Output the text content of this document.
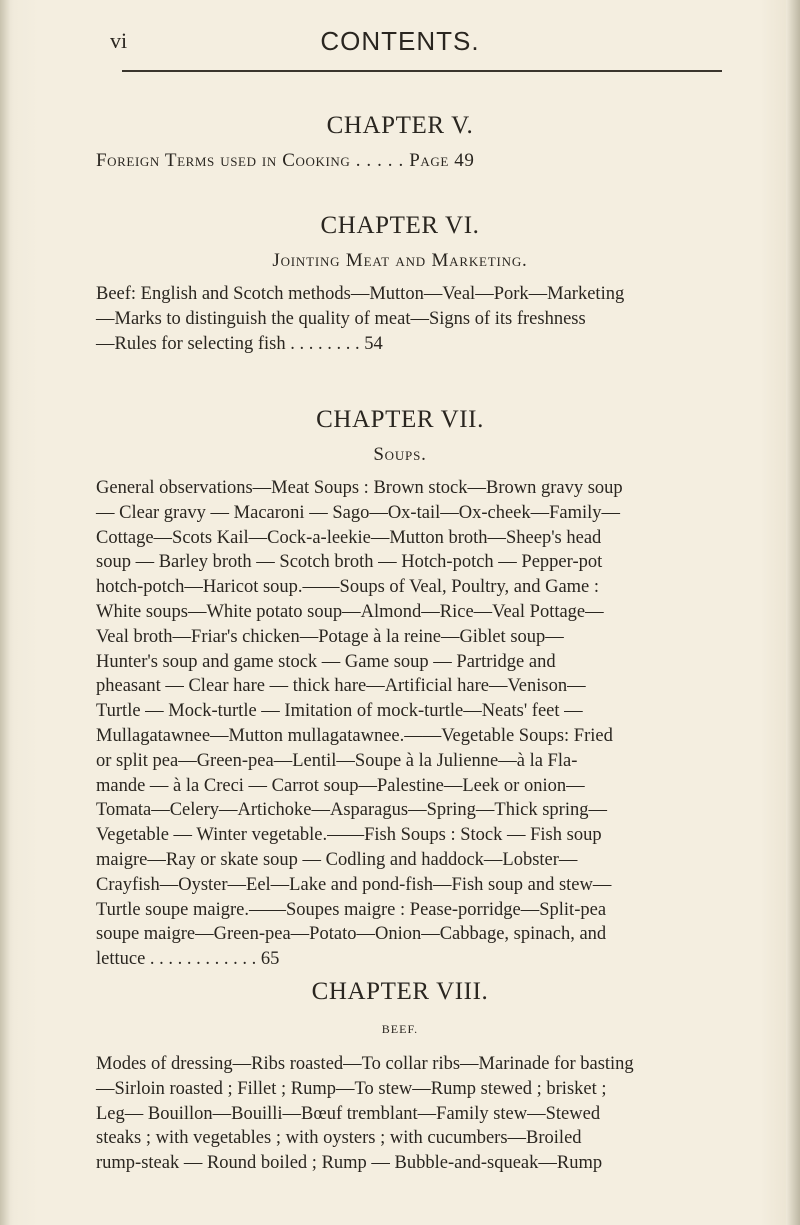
vi	CONTENTS.
CHAPTER V.
Foreign Terms used in Cooking . . . . . Page 49
CHAPTER VI.
Jointing Meat and Marketing.
Beef: English and Scotch methods—Mutton—Veal—Pork—Marketing
—Marks to distinguish the quality of meat—Signs of its freshness
—Rules for selecting fish . . . . . . . . 54
CHAPTER VII.
Soups.
General observations—Meat Soups : Brown stock—Brown gravy soup
— Clear gravy — Macaroni — Sago—Ox-tail—Ox-cheek—Family—
Cottage—Scots Kail—Cock-a-leekie—Mutton broth—Sheep's head
soup — Barley broth — Scotch broth — Hotch-potch — Pepper-pot
hotch-potch—Haricot soup.——Soups of Veal, Poultry, and Game :
White soups—White potato soup—Almond—Rice—Veal Pottage—
Veal broth—Friar's chicken—Potage à la reine—Giblet soup—
Hunter's soup and game stock — Game soup — Partridge and
pheasant — Clear hare — thick hare—Artificial hare—Venison—
Turtle — Mock-turtle — Imitation of mock-turtle—Neats' feet —
Mullagatawnee—Mutton mullagatawnee.——Vegetable Soups: Fried
or split pea—Green-pea—Lentil—Soupe à la Julienne—à la Fla-
mande — à la Creci — Carrot soup—Palestine—Leek or onion—
Tomata—Celery—Artichoke—Asparagus—Spring—Thick spring—
Vegetable — Winter vegetable.——Fish Soups : Stock — Fish soup
maigre—Ray or skate soup — Codling and haddock—Lobster—
Crayfish—Oyster—Eel—Lake and pond-fish—Fish soup and stew—
Turtle soupe maigre.——Soupes maigre : Pease-porridge—Split-pea
soupe maigre—Green-pea—Potato—Onion—Cabbage, spinach, and
lettuce . . . . . . . . . . . . 65
CHAPTER VIII.
BEEF.
Modes of dressing—Ribs roasted—To collar ribs—Marinade for basting
—Sirloin roasted ; Fillet ; Rump—To stew—Rump stewed ; brisket ;
Leg— Bouillon—Bouilli—Bœuf tremblant—Family stew—Stewed
steaks ; with vegetables ; with oysters ; with cucumbers—Broiled
rump-steak — Round boiled ; Rump — Bubble-and-squeak—Rump
